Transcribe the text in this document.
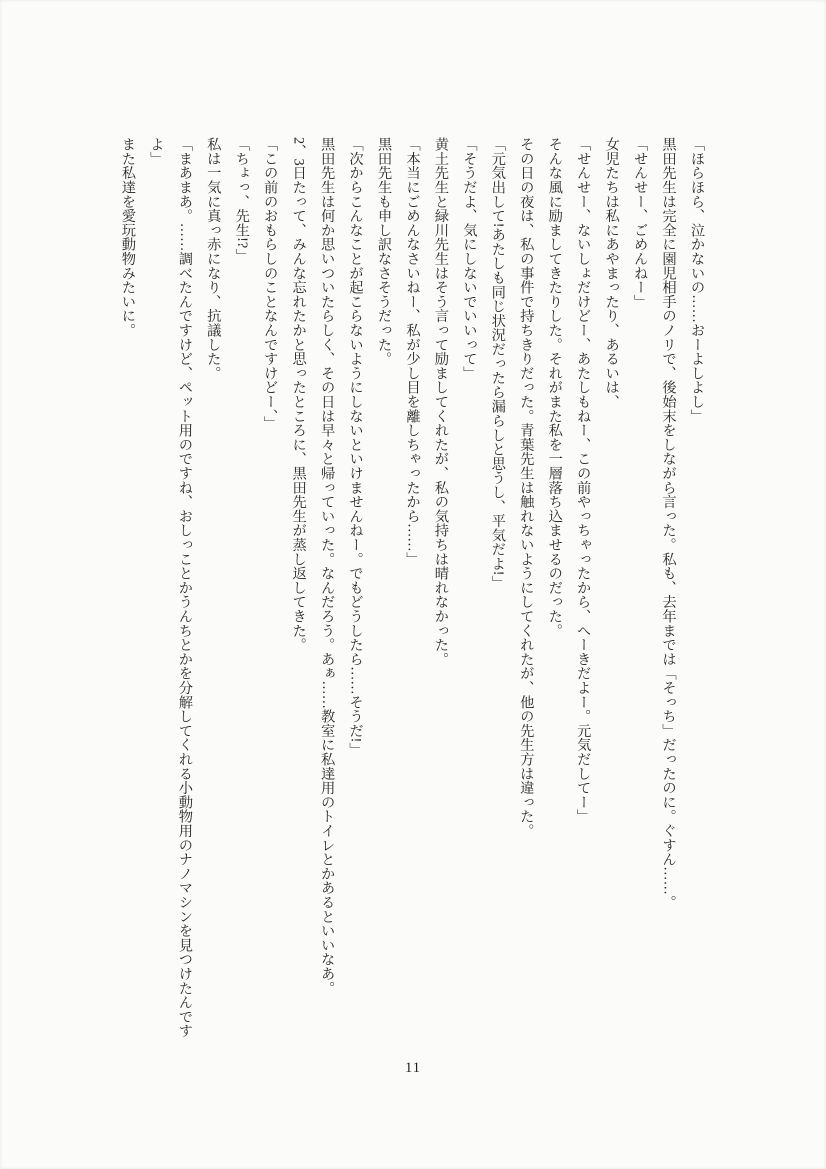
「ほらほら、泣かないの……おーよしよし」

黒田先生は完全に園児相手のノリで、後始末をしながら言った。私も、去年までは「そっち」だったのに。ぐすん……。

「せんせー、ごめんねー」

女児たちは私にあやまったり、あるいは、

「せんせー、ないしょだけどー、あたしもねー、この前やっちゃったから、へーきだよー。元気だしてー」

そんな風に励ましてきたりした。それがまた私を一層落ち込ませるのだった。

その日の夜は、私の事件で持ちきりだった。青葉先生は触れないようにしてくれたが、他の先生方は違った。

「元気出して!あたしも同じ状況だったら漏らしと思うし、平気だよ!」

「そうだよ、気にしないでいいって」

黄土先生と緑川先生はそう言って励ましてくれたが、私の気持ちは晴れなかった。

「本当にごめんなさいねー、私が少し目を離しちゃったから……」

黒田先生も申し訳なさそうだった。

「次からこんなことが起こらないようにしないといけませんねー。でもどうしたら……そうだ!」

黒田先生は何か思いついたらしく、その日は早々と帰っていった。なんだろう。あぁ……教室に私達用のトイレとかあるといいなあ。

2、3日たって、みんな忘れたかと思ったところに、黒田先生が蒸し返してきた。

「この前のおもらしのことなんですけどー、」

「ちょっ、先生!?」

私は一気に真っ赤になり、抗議した。

「まあまあ。……調べたんですけど、ペット用のですね、おしっことかうんちとかを分解してくれる小動物用のナノマシンを見つけたんですよ」

また私達を愛玩動物みたいに。

11
